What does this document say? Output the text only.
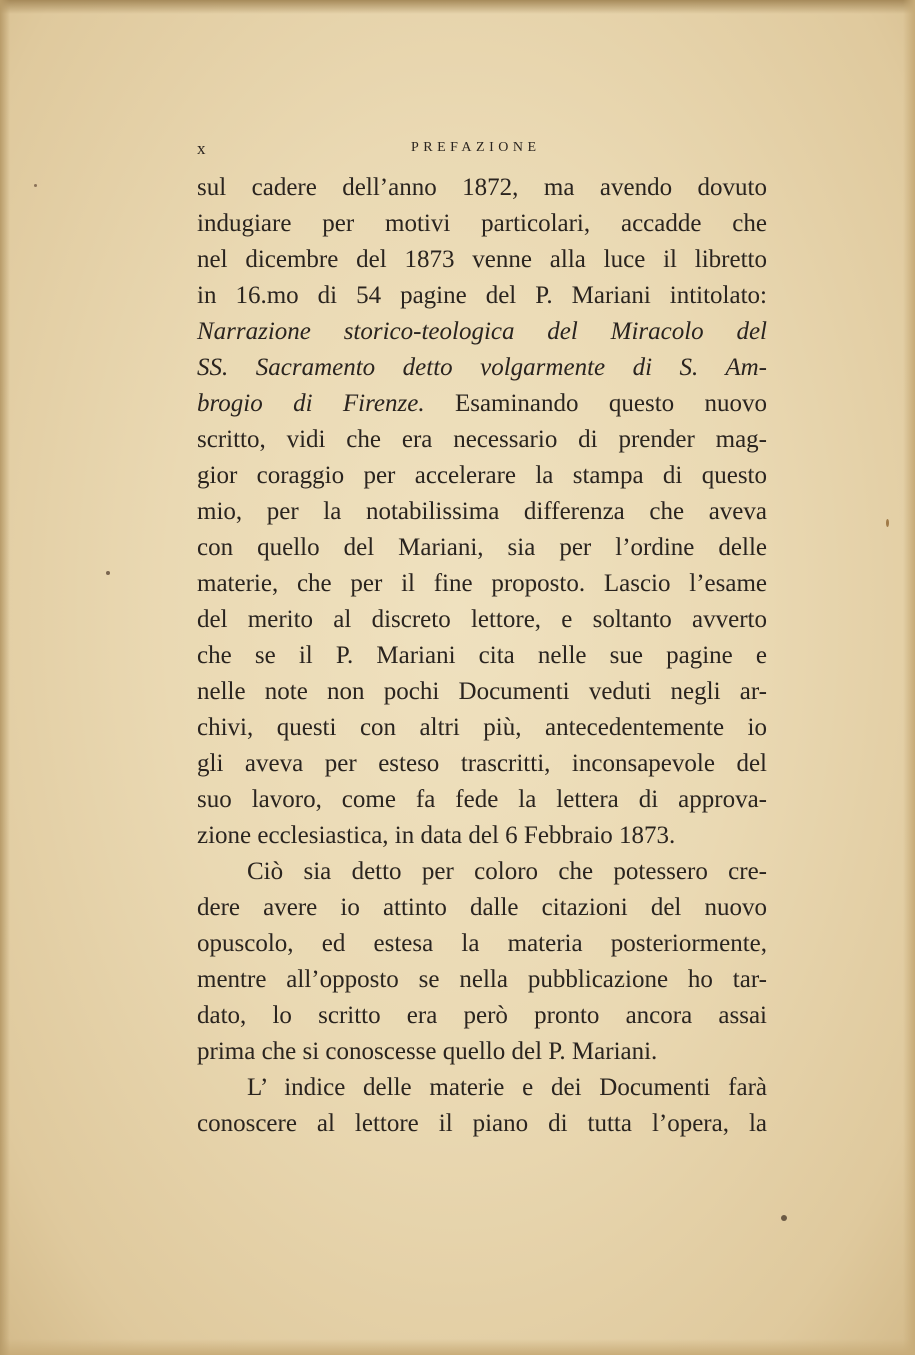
x	PREFAZIONE
sul cadere dell’anno 1872, ma avendo dovuto
indugiare per motivi particolari, accadde che
nel dicembre del 1873 venne alla luce il libretto
in 16.mo di 54 pagine del P. Mariani intitolato:
Narrazione storico-teologica del Miracolo del
SS. Sacramento detto volgarmente di S. Am-
brogio di Firenze. Esaminando questo nuovo
scritto, vidi che era necessario di prender mag-
gior coraggio per accelerare la stampa di questo
mio, per la notabilissima differenza che aveva
con quello del Mariani, sia per l’ordine delle
materie, che per il fine proposto. Lascio l’esame
del merito al discreto lettore, e soltanto avverto
che se il P. Mariani cita nelle sue pagine e
nelle note non pochi Documenti veduti negli ar-
chivi, questi con altri più, antecedentemente io
gli aveva per esteso trascritti, inconsapevole del
suo lavoro, come fa fede la lettera di approva-
zione ecclesiastica, in data del 6 Febbraio 1873.
Ciò sia detto per coloro che potessero cre-
dere avere io attinto dalle citazioni del nuovo
opuscolo, ed estesa la materia posteriormente,
mentre all’opposto se nella pubblicazione ho tar-
dato, lo scritto era però pronto ancora assai
prima che si conoscesse quello del P. Mariani.
L’ indice delle materie e dei Documenti farà
conoscere al lettore il piano di tutta l’opera, la
